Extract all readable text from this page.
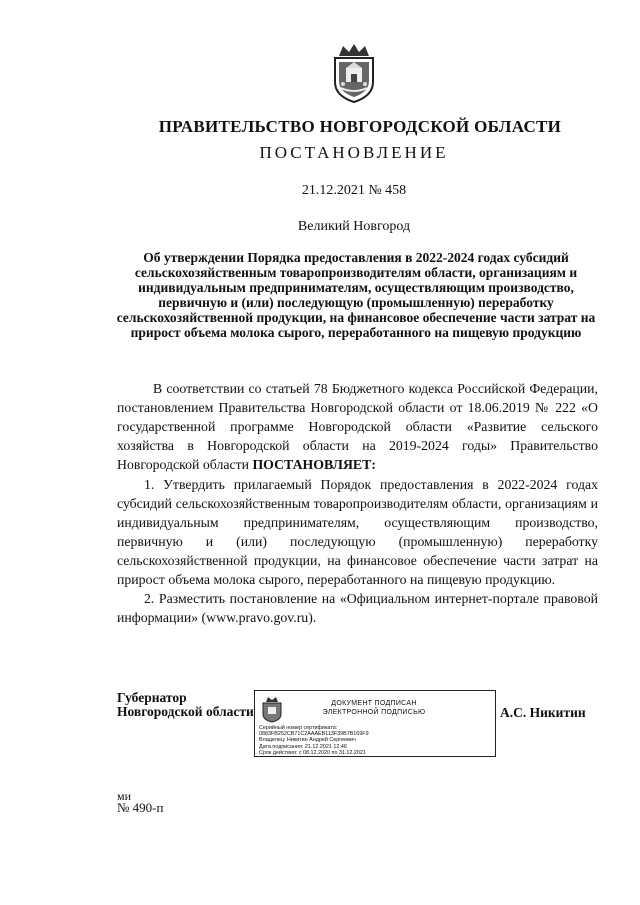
ПРАВИТЕЛЬСТВО НОВГОРОДСКОЙ ОБЛАСТИ
ПОСТАНОВЛЕНИЕ
21.12.2021 № 458
Великий Новгород
Об утверждении Порядка предоставления в 2022-2024 годах субсидий сельскохозяйственным товаропроизводителям области, организациям и индивидуальным предпринимателям, осуществляющим производство, первичную и (или) последующую (промышленную) переработку сельскохозяйственной продукции, на финансовое обеспечение части затрат на прирост объема молока сырого, переработанного на пищевую продукцию
В соответствии со статьей 78 Бюджетного кодекса Российской Федерации, постановлением Правительства Новгородской области от 18.06.2019 № 222 «О государственной программе Новгородской области «Развитие сельского хозяйства в Новгородской области на 2019-2024 годы» Правительство Новгородской области ПОСТАНОВЛЯЕТ:
1. Утвердить прилагаемый Порядок предоставления в 2022-2024 годах субсидий сельскохозяйственным товаропроизводителям области, организациям и индивидуальным предпринимателям, осуществляющим производство, первичную и (или) последующую (промышленную) переработку сельскохозяйственной продукции, на финансовое обеспечение части затрат на прирост объема молока сырого, переработанного на пищевую продукцию.
2. Разместить постановление на «Официальном интернет-портале правовой информации» (www.pravo.gov.ru).
Губернатор
Новгородской области
ДОКУМЕНТ ПОДПИСАН
ЭЛЕКТРОННОЙ ПОДПИСЬЮ
Серийный номер сертификата:
0883FB252CB71C2AAAEB113F39B7B169F9
Владелец: Никитин Андрей Сергеевич
Дата подписания: 21.12.2021 12:46
Срок действия: с 08.12.2020 по 31.12.2021
А.С. Никитин
ми
№ 490-п
